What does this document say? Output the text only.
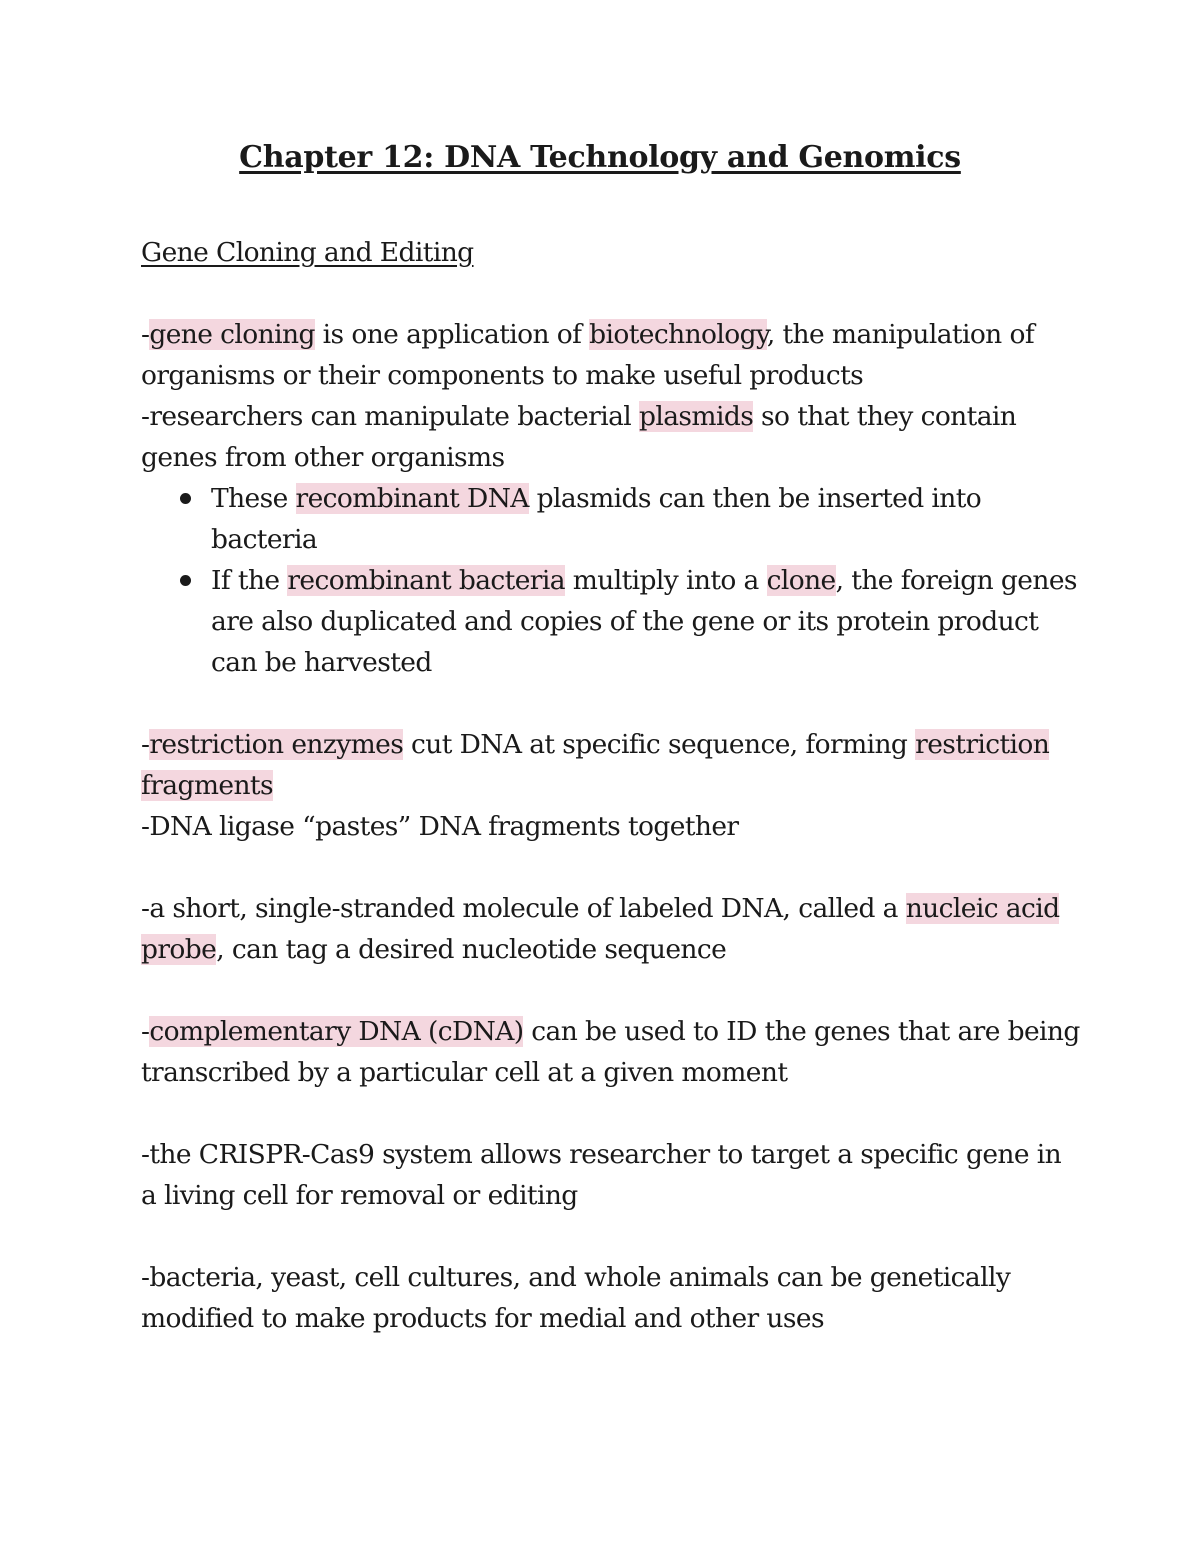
Chapter 12: DNA Technology and Genomics
Gene Cloning and Editing

-gene cloning is one application of biotechnology, the manipulation of organisms or their components to make useful products

-researchers can manipulate bacterial plasmids so that they contain genes from other organisms

These recombinant DNA plasmids can then be inserted into bacteria
If the recombinant bacteria multiply into a clone, the foreign genes are also duplicated and copies of the gene or its protein product can be harvested

-restriction enzymes cut DNA at specific sequence, forming restriction fragments

-DNA ligase “pastes” DNA fragments together

-a short, single-stranded molecule of labeled DNA, called a nucleic acid probe, can tag a desired nucleotide sequence

-complementary DNA (cDNA) can be used to ID the genes that are being transcribed by a particular cell at a given moment

-the CRISPR-Cas9 system allows researcher to target a specific gene in a living cell for removal or editing

-bacteria, yeast, cell cultures, and whole animals can be genetically modified to make products for medial and other uses
